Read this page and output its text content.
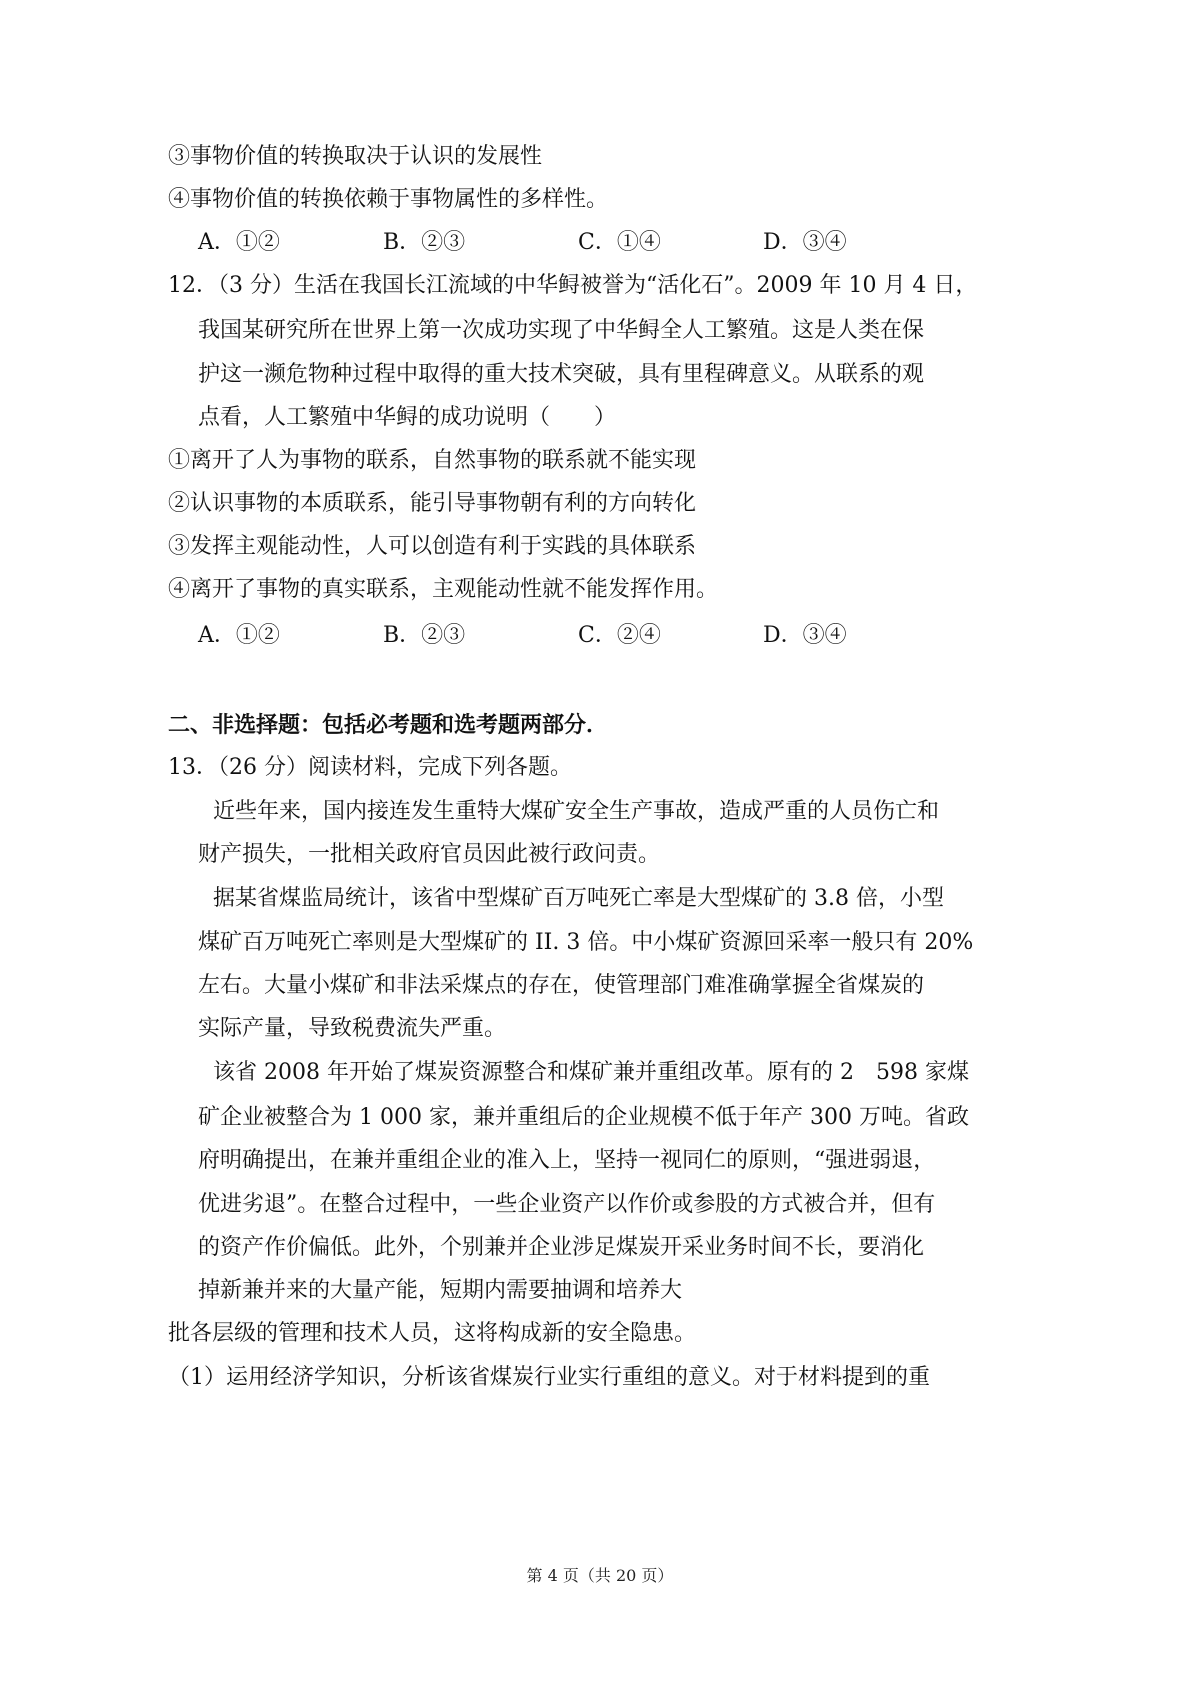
③事物价值的转换取决于认识的发展性
④事物价值的转换依赖于事物属性的多样性。
A．①②	B．②③	C．①④	D．③④
12．（3 分）生活在我国长江流域的中华鲟被誉为“活化石”。2009 年 10 月 4 日，
我国某研究所在世界上第一次成功实现了中华鲟全人工繁殖。这是人类在保
护这一濒危物种过程中取得的重大技术突破，具有里程碑意义。从联系的观
点看，人工繁殖中华鲟的成功说明（　　）
①离开了人为事物的联系，自然事物的联系就不能实现
②认识事物的本质联系，能引导事物朝有利的方向转化
③发挥主观能动性，人可以创造有利于实践的具体联系
④离开了事物的真实联系，主观能动性就不能发挥作用。
A．①②	B．②③	C．②④	D．③④
二、非选择题：包括必考题和选考题两部分．
13．（26 分）阅读材料，完成下列各题。
近些年来，国内接连发生重特大煤矿安全生产事故，造成严重的人员伤亡和
财产损失，一批相关政府官员因此被行政问责。
据某省煤监局统计，该省中型煤矿百万吨死亡率是大型煤矿的 3.8 倍，小型
煤矿百万吨死亡率则是大型煤矿的 II. 3 倍。中小煤矿资源回采率一般只有 20%
左右。大量小煤矿和非法采煤点的存在，使管理部门难准确掌握全省煤炭的
实际产量，导致税费流失严重。
该省 2008 年开始了煤炭资源整合和煤矿兼并重组改革。原有的 2　598 家煤
矿企业被整合为 1 000 家，兼并重组后的企业规模不低于年产 300 万吨。省政
府明确提出，在兼并重组企业的准入上，坚持一视同仁的原则，“强进弱退，
优进劣退”。在整合过程中，一些企业资产以作价或参股的方式被合并，但有
的资产作价偏低。此外，个别兼并企业涉足煤炭开采业务时间不长，要消化
掉新兼并来的大量产能，短期内需要抽调和培养大
批各层级的管理和技术人员，这将构成新的安全隐患。
（1）运用经济学知识，分析该省煤炭行业实行重组的意义。对于材料提到的重
第 4 页（共 20 页）
